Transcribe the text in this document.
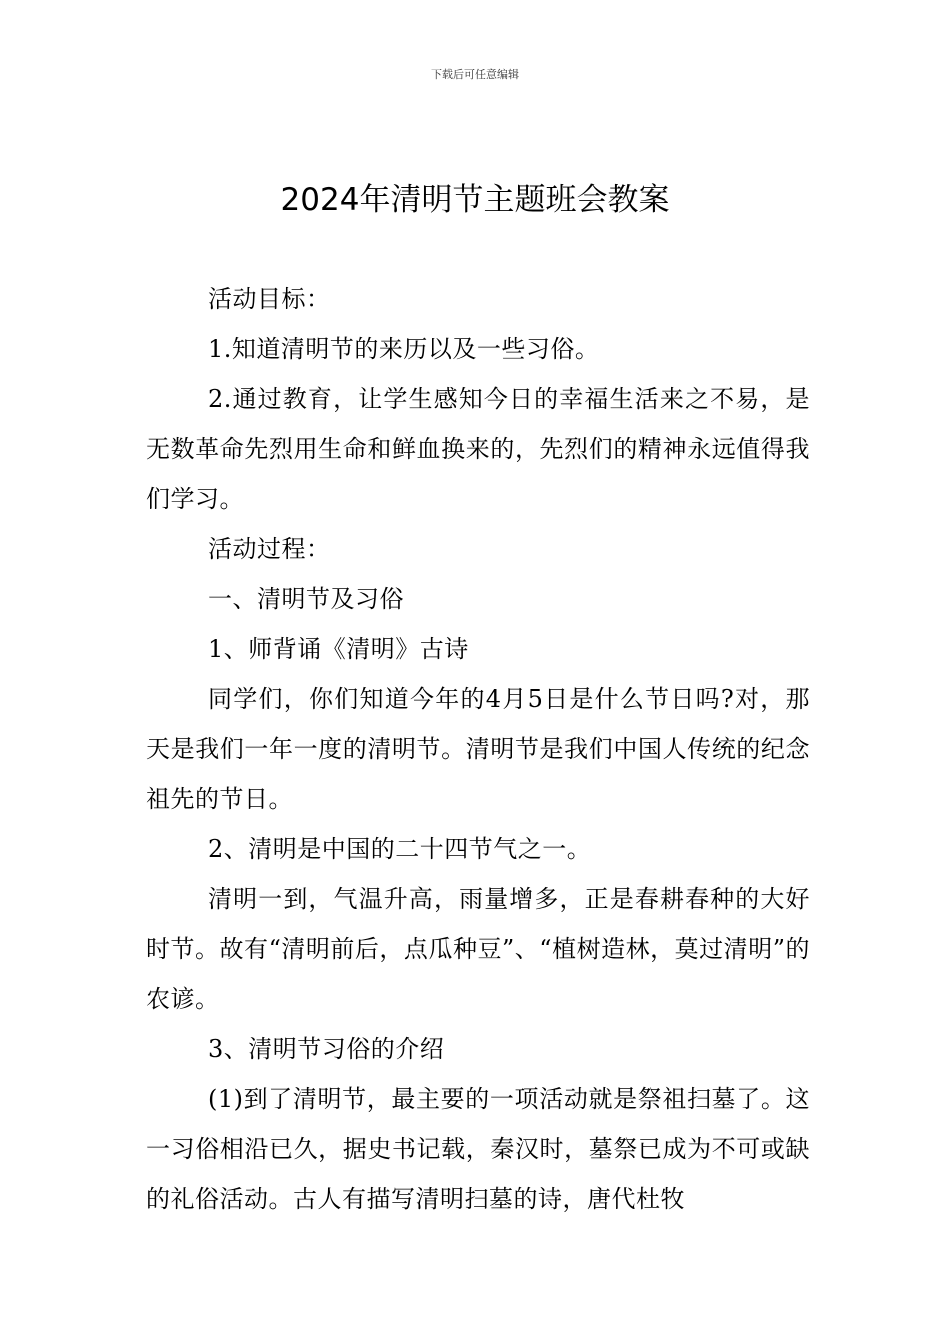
下载后可任意编辑
2024年清明节主题班会教案

活动目标：

1.知道清明节的来历以及一些习俗。

2.通过教育，让学生感知今日的幸福生活来之不易，是无数革命先烈用生命和鲜血换来的，先烈们的精神永远值得我们学习。

活动过程：

一、清明节及习俗

1、师背诵《清明》古诗

同学们，你们知道今年的4月5日是什么节日吗?对，那天是我们一年一度的清明节。清明节是我们中国人传统的纪念祖先的节日。

2、清明是中国的二十四节气之一。

清明一到，气温升高，雨量增多，正是春耕春种的大好时节。故有“清明前后，点瓜种豆”、“植树造林，莫过清明”的农谚。

3、清明节习俗的介绍

(1)到了清明节，最主要的一项活动就是祭祖扫墓了。这一习俗相沿已久，据史书记载，秦汉时，墓祭已成为不可或缺的礼俗活动。古人有描写清明扫墓的诗，唐代杜牧
